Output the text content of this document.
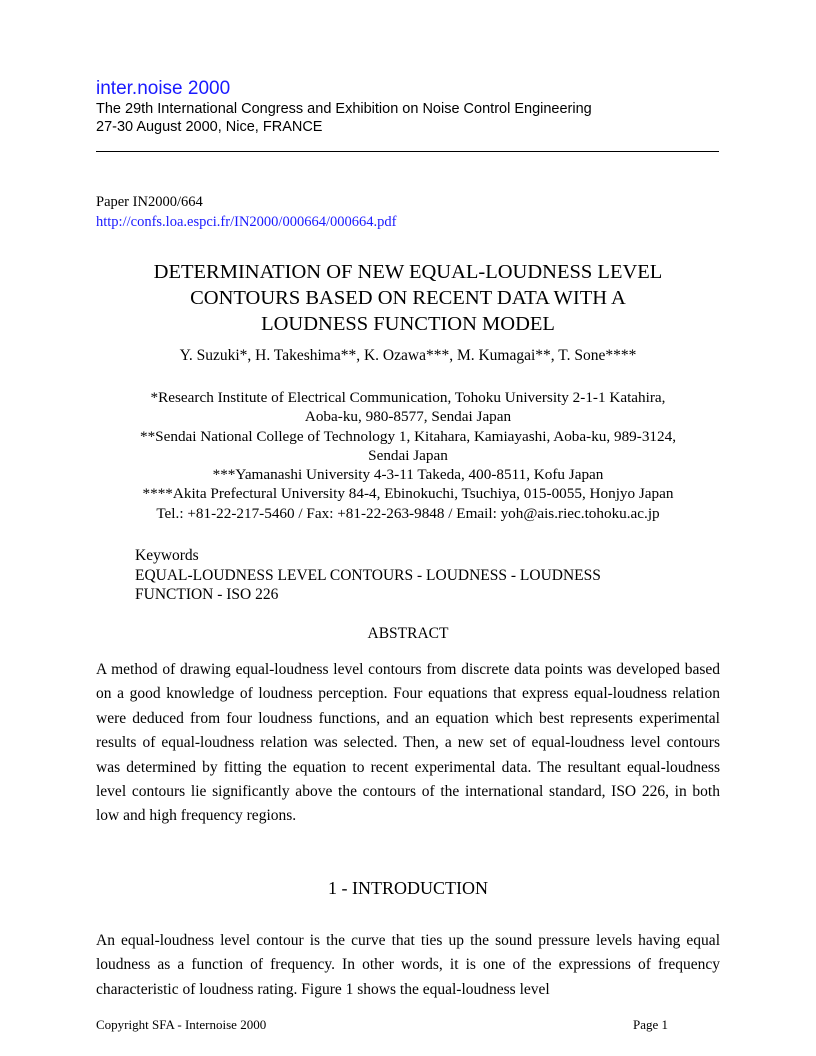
inter.noise 2000
The 29th International Congress and Exhibition on Noise Control Engineering
27-30 August 2000, Nice, FRANCE
Paper IN2000/664
http://confs.loa.espci.fr/IN2000/000664/000664.pdf
DETERMINATION OF NEW EQUAL-LOUDNESS LEVEL
CONTOURS BASED ON RECENT DATA WITH A
LOUDNESS FUNCTION MODEL
Y. Suzuki*, H. Takeshima**, K. Ozawa***, M. Kumagai**, T. Sone****
*Research Institute of Electrical Communication, Tohoku University 2-1-1 Katahira,
Aoba-ku, 980-8577, Sendai Japan
**Sendai National College of Technology 1, Kitahara, Kamiayashi, Aoba-ku, 989-3124,
Sendai Japan
***Yamanashi University 4-3-11 Takeda, 400-8511, Kofu Japan
****Akita Prefectural University 84-4, Ebinokuchi, Tsuchiya, 015-0055, Honjyo Japan
Tel.: +81-22-217-5460 / Fax: +81-22-263-9848 / Email: yoh@ais.riec.tohoku.ac.jp
Keywords
EQUAL-LOUDNESS LEVEL CONTOURS - LOUDNESS - LOUDNESS
FUNCTION - ISO 226
ABSTRACT
A method of drawing equal-loudness level contours from discrete data points was developed based on a good knowledge of loudness perception. Four equations that express equal-loudness relation were deduced from four loudness functions, and an equation which best represents experimental results of equal-loudness relation was selected. Then, a new set of equal-loudness level contours was determined by fitting the equation to recent experimental data. The resultant equal-loudness level contours lie significantly above the contours of the international standard, ISO 226, in both low and high frequency regions.
1 - INTRODUCTION
An equal-loudness level contour is the curve that ties up the sound pressure levels having equal loudness as a function of frequency. In other words, it is one of the expressions of frequency characteristic of loudness rating. Figure 1 shows the equal-loudness level
Copyright SFA - Internoise 2000	Page 1
